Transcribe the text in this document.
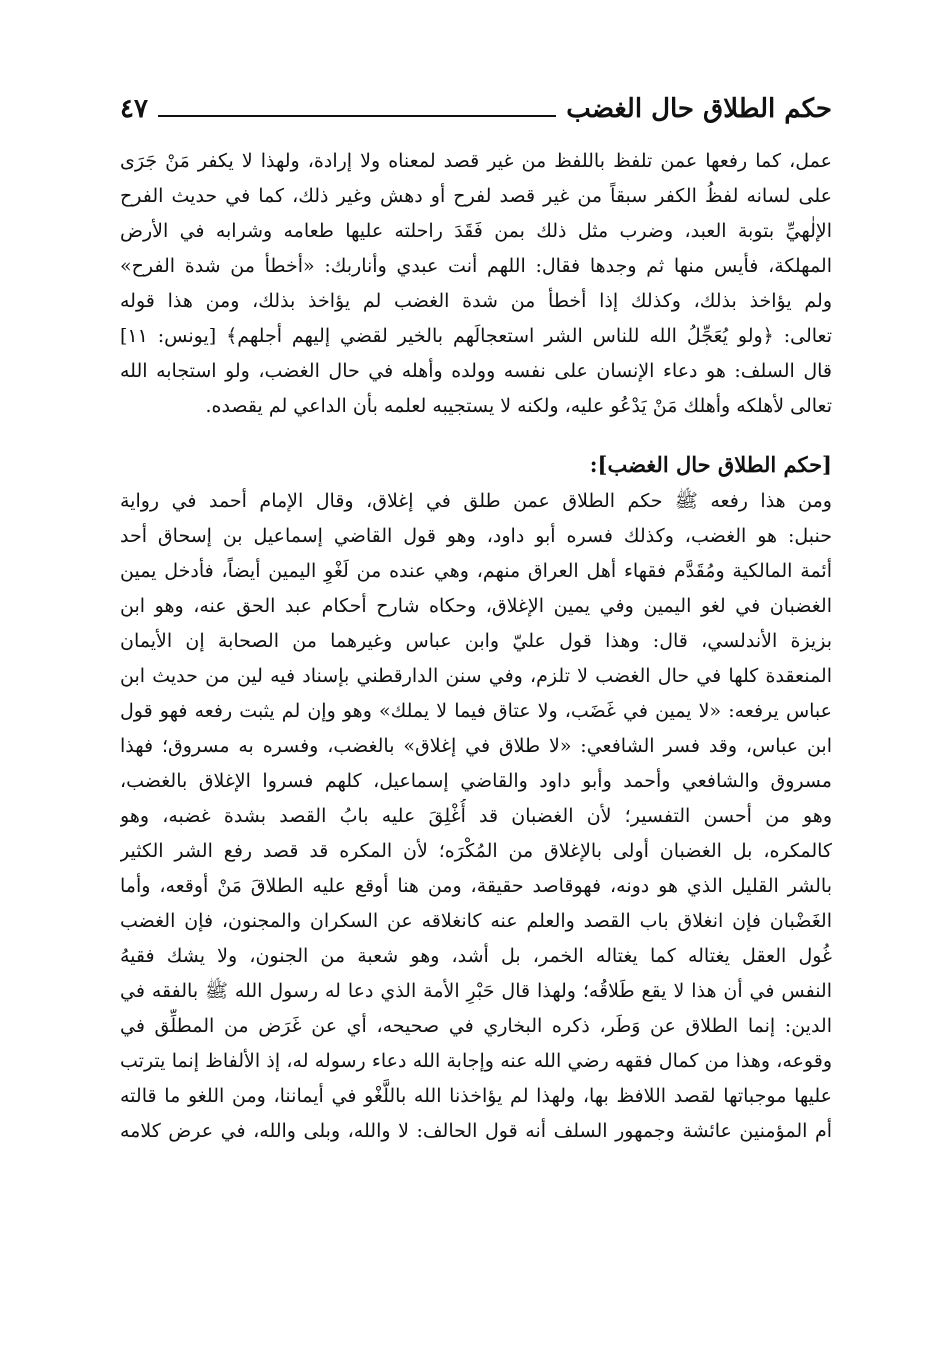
حكم الطلاق حال الغضب
٤٧
عمل، كما رفعها عمن تلفظ باللفظ من غير قصد لمعناه ولا إرادة، ولهذا لا يكفر مَنْ جَرَى
على لسانه لفظُ الكفر سبقاً من غير قصد لفرح أو دهش وغير ذلك، كما في حديث الفرح
الإلٰهيِّ بتوبة العبد، وضرب مثل ذلك بمن فَقَدَ راحلته عليها طعامه وشرابه في الأرض
المهلكة، فأيس منها ثم وجدها فقال: اللهم أنت عبدي وأناربك: «أخطأ من شدة الفرح»
ولم يؤاخذ بذلك، وكذلك إذا أخطأ من شدة الغضب لم يؤاخذ بذلك، ومن هذا قوله
تعالى: ﴿ولو يُعَجِّلُ الله للناس الشر استعجالَهم بالخير لقضي إليهم أجلهم﴾ [يونس: ١١]
قال السلف: هو دعاء الإنسان على نفسه وولده وأهله في حال الغضب، ولو استجابه الله
تعالى لأهلكه وأهلك مَنْ يَدْعُو عليه، ولكنه لا يستجيبه لعلمه بأن الداعي لم يقصده.
[حكم الطلاق حال الغضب]:
ومن هذا رفعه ﷺ حكم الطلاق عمن طلق في إغلاق، وقال الإمام أحمد في رواية
حنبل: هو الغضب، وكذلك فسره أبو داود، وهو قول القاضي إسماعيل بن إسحاق أحد
أئمة المالكية ومُقَدَّم فقهاء أهل العراق منهم، وهي عنده من لَغْوِ اليمين أيضاً، فأدخل يمين
الغضبان في لغو اليمين وفي يمين الإغلاق، وحكاه شارح أحكام عبد الحق عنه، وهو ابن
بزيزة الأندلسي، قال: وهذا قول عليّ وابن عباس وغيرهما من الصحابة إن الأيمان
المنعقدة كلها في حال الغضب لا تلزم، وفي سنن الدارقطني بإسناد فيه لين من حديث ابن
عباس يرفعه: «لا يمين في غَضَب، ولا عتاق فيما لا يملك» وهو وإن لم يثبت رفعه فهو قول
ابن عباس، وقد فسر الشافعي: «لا طلاق في إغلاق» بالغضب، وفسره به مسروق؛ فهذا
مسروق والشافعي وأحمد وأبو داود والقاضي إسماعيل، كلهم فسروا الإغلاق بالغضب،
وهو من أحسن التفسير؛ لأن الغضبان قد أُغْلِقَ عليه بابُ القصد بشدة غضبه، وهو
كالمكره، بل الغضبان أولى بالإغلاق من المُكْرَه؛ لأن المكره قد قصد رفع الشر الكثير
بالشر القليل الذي هو دونه، فهوقاصد حقيقة، ومن هنا أوقع عليه الطلاقَ مَنْ أوقعه، وأما
الغَضْبان فإن انغلاق باب القصد والعلم عنه كانغلاقه عن السكران والمجنون، فإن الغضب
غُول العقل يغتاله كما يغتاله الخمر، بل أشد، وهو شعبة من الجنون، ولا يشك فقيهُ
النفس في أن هذا لا يقع طَلاقُه؛ ولهذا قال حَبْرِ الأمة الذي دعا له رسول الله ﷺ بالفقه في
الدين: إنما الطلاق عن وَطَر، ذكره البخاري في صحيحه، أي عن غَرَض من المطلِّق في
وقوعه، وهذا من كمال فقهه رضي الله عنه وإجابة الله دعاء رسوله له، إذ الألفاظ إنما يترتب
عليها موجباتها لقصد اللافظ بها، ولهذا لم يؤاخذنا الله باللَّغْو في أيماننا، ومن اللغو ما قالته
أم المؤمنين عائشة وجمهور السلف أنه قول الحالف: لا والله، وبلى والله، في عرض كلامه
